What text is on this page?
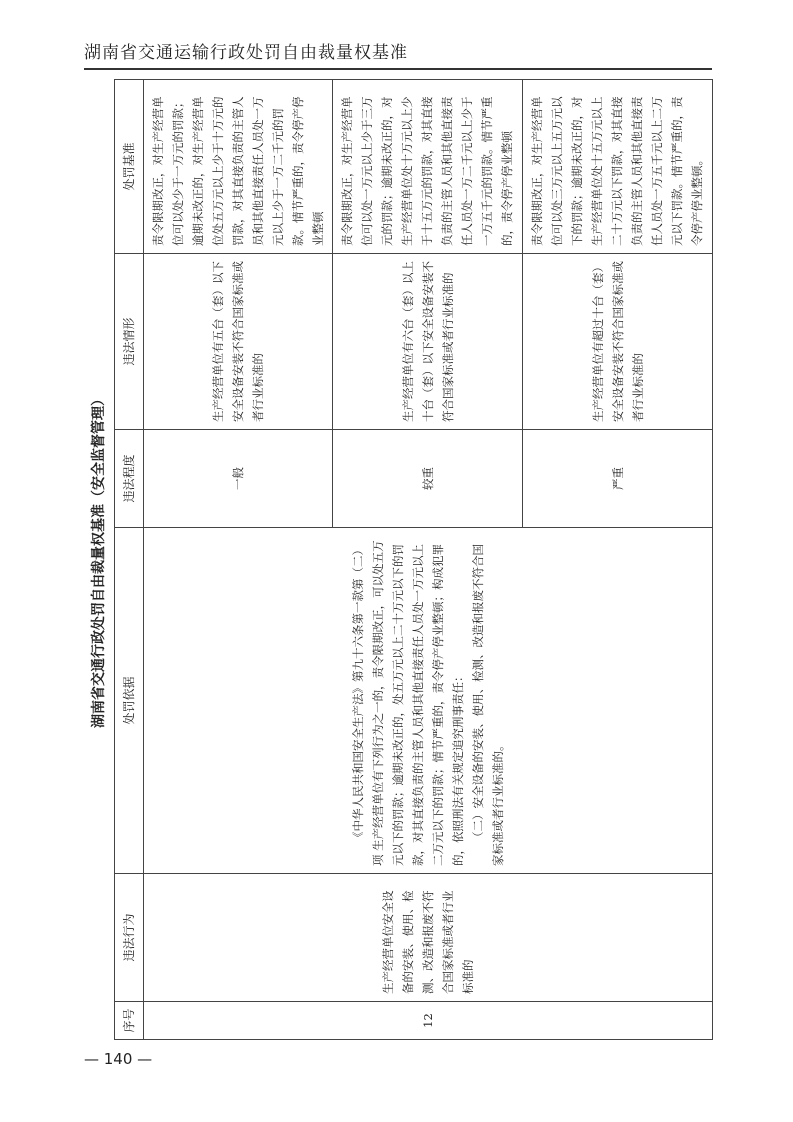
湖南省交通运输行政处罚自由裁量权基准
湖南省交通行政处罚自由裁量权基准（安全监督管理）
序号	违法行为	处罚依据	违法程度	违法情形	处罚基准
12	生产经营单位安全设备的安装、使用、检测、改造和报废不符合国家标准或者行业标准的	《中华人民共和国安全生产法》第九十六条第一款第（二）项 生产经营单位有下列行为之一的，责令限期改正，可以处五万元以下的罚款；逾期未改正的，处五万元以上二十万元以下的罚款，对其直接负责的主管人员和其他直接责任人员处一万元以上二万元以下的罚款；情节严重的，责令停产停业整顿；构成犯罪的，依照刑法有关规定追究刑事责任： （二）安全设备的安装、使用、检测、改造和报废不符合国家标准或者行业标准的。	一般	生产经营单位有五台（套）以下安全设备安装不符合国家标准或者行业标准的	责令限期改正，对生产经营单位可以处少于一万元的罚款；逾期未改正的，对生产经营单位处五万元以上少于十万元的罚款，对其直接负责的主管人员和其他直接责任人员处一万元以上少于一万二千元的罚款。情节严重的，责令停产停业整顿
			较重	生产经营单位有六台（套）以上十台（套）以下安全设备安装不符合国家标准或者行业标准的	责令限期改正，对生产经营单位可以处一万元以上少于三万元的罚款；逾期未改正的，对生产经营单位处十万元以上少于十五万元的罚款，对其直接负责的主管人员和其他直接责任人员处一万二千元以上少于一万五千元的罚款。情节严重的，责令停产停业整顿
			严重	生产经营单位有超过十台（套）安全设备安装不符合国家标准或者行业标准的	责令限期改正，对生产经营单位可以处三万元以上五万元以下的罚款；逾期未改正的，对生产经营单位处十五万元以上二十万元以下罚款，对其直接负责的主管人员和其他直接责任人员处一万五千元以上二万元以下罚款。情节严重的，责令停产停业整顿。
— 140 —
